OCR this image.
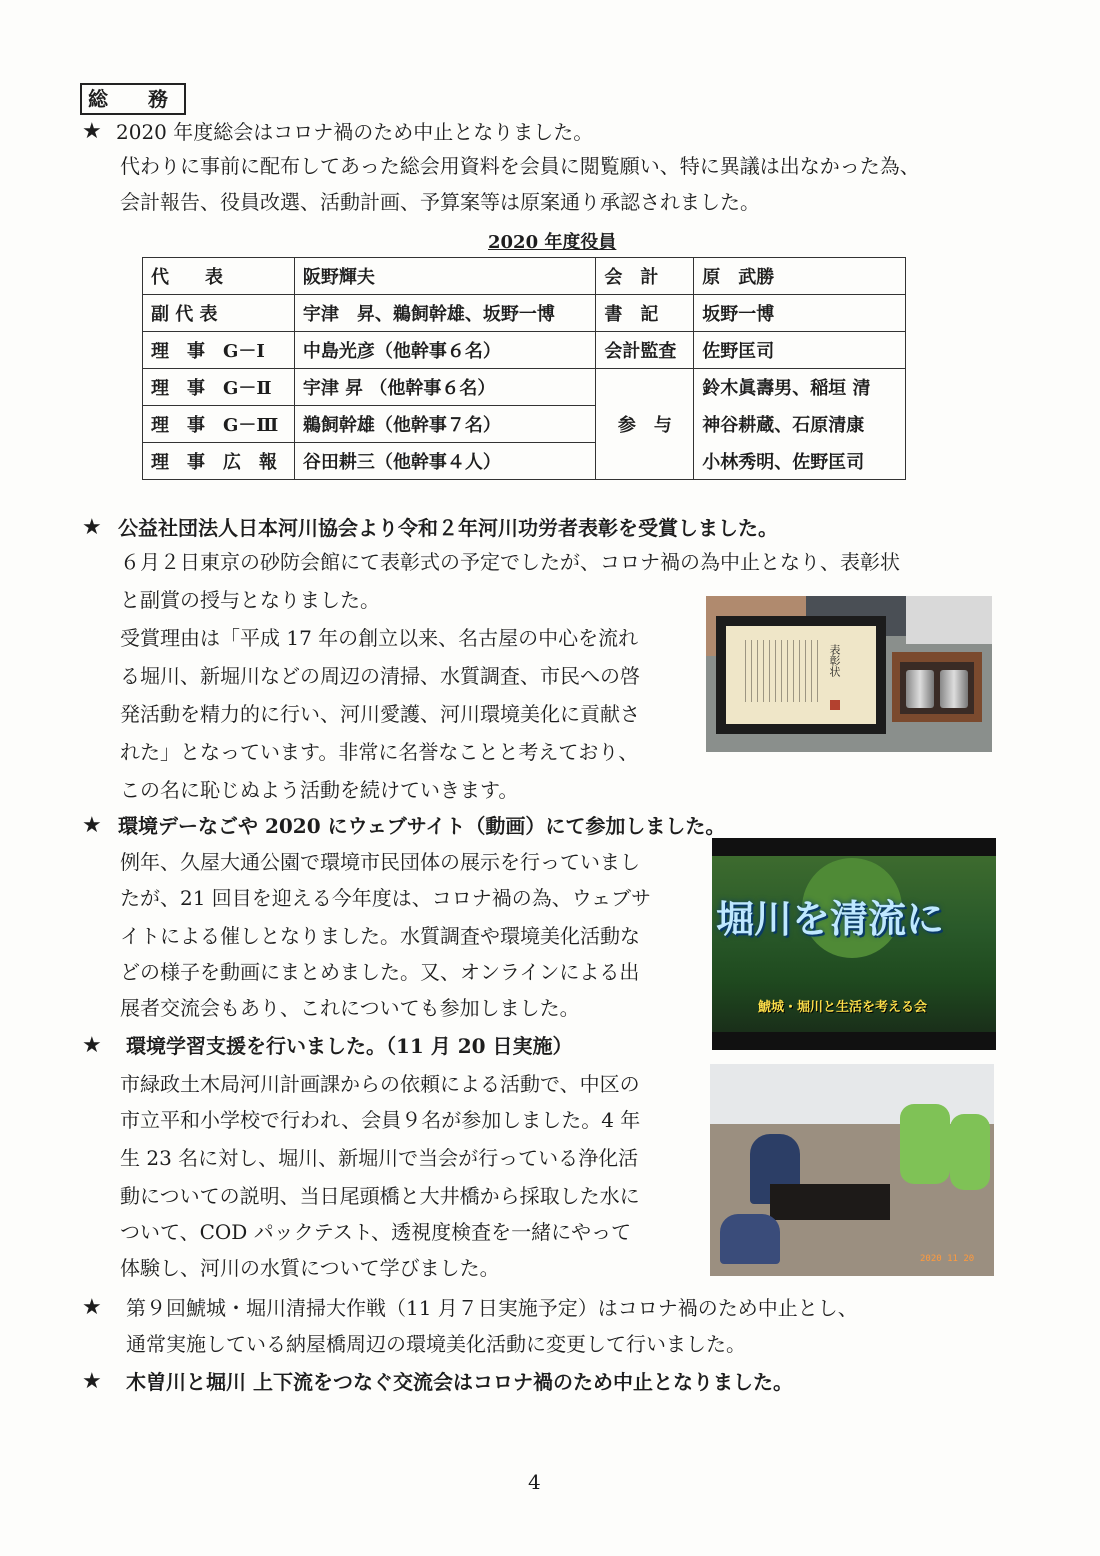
総　務
★ 2020 年度総会はコロナ禍のため中止となりました。
代わりに事前に配布してあった総会用資料を会員に閲覧願い、特に異議は出なかった為、
会計報告、役員改選、活動計画、予算案等は原案通り承認されました。
2020 年度役員
代　　表	阪野輝夫	会　計	原　武勝
副 代 表	宇津　昇、鵜飼幹雄、坂野一博	書　記	坂野一博
理　事　G－Ⅰ	中島光彦（他幹事６名）	会計監査	佐野匡司
理　事　G－Ⅱ	宇津 昇 （他幹事６名）	参　与	鈴木眞壽男、稲垣 清
理　事　G－Ⅲ	鵜飼幹雄（他幹事７名）		神谷耕蔵、石原清康
理　事　広　報	谷田耕三（他幹事４人）		小林秀明、佐野匡司
★ 公益社団法人日本河川協会より令和２年河川功労者表彰を受賞しました。
６月２日東京の砂防会館にて表彰式の予定でしたが、コロナ禍の為中止となり、表彰状
と副賞の授与となりました。
受賞理由は「平成 17 年の創立以来、名古屋の中心を流れ
る堀川、新堀川などの周辺の清掃、水質調査、市民への啓
発活動を精力的に行い、河川愛護、河川環境美化に貢献さ
れた」となっています。非常に名誉なことと考えており、
この名に恥じぬよう活動を続けていきます。
表彰状
★ 環境デーなごや 2020 にウェブサイト（動画）にて参加しました。
例年、久屋大通公園で環境市民団体の展示を行っていまし
たが、21 回目を迎える今年度は、コロナ禍の為、ウェブサ
イトによる催しとなりました。水質調査や環境美化活動な
どの様子を動画にまとめました。又、オンラインによる出
展者交流会もあり、これについても参加しました。
堀川を清流に
鯱城・堀川と生活を考える会
★ 環境学習支援を行いました。（11 月 20 日実施）
市緑政土木局河川計画課からの依頼による活動で、中区の
市立平和小学校で行われ、会員９名が参加しました。4 年
生 23 名に対し、堀川、新堀川で当会が行っている浄化活
動についての説明、当日尾頭橋と大井橋から採取した水に
ついて、COD パックテスト、透視度検査を一緒にやって
体験し、河川の水質について学びました。	2020 11 20
★ 第９回鯱城・堀川清掃大作戦（11 月７日実施予定）はコロナ禍のため中止とし、
通常実施している納屋橋周辺の環境美化活動に変更して行いました。
★ 木曽川と堀川 上下流をつなぐ交流会はコロナ禍のため中止となりました。
4
